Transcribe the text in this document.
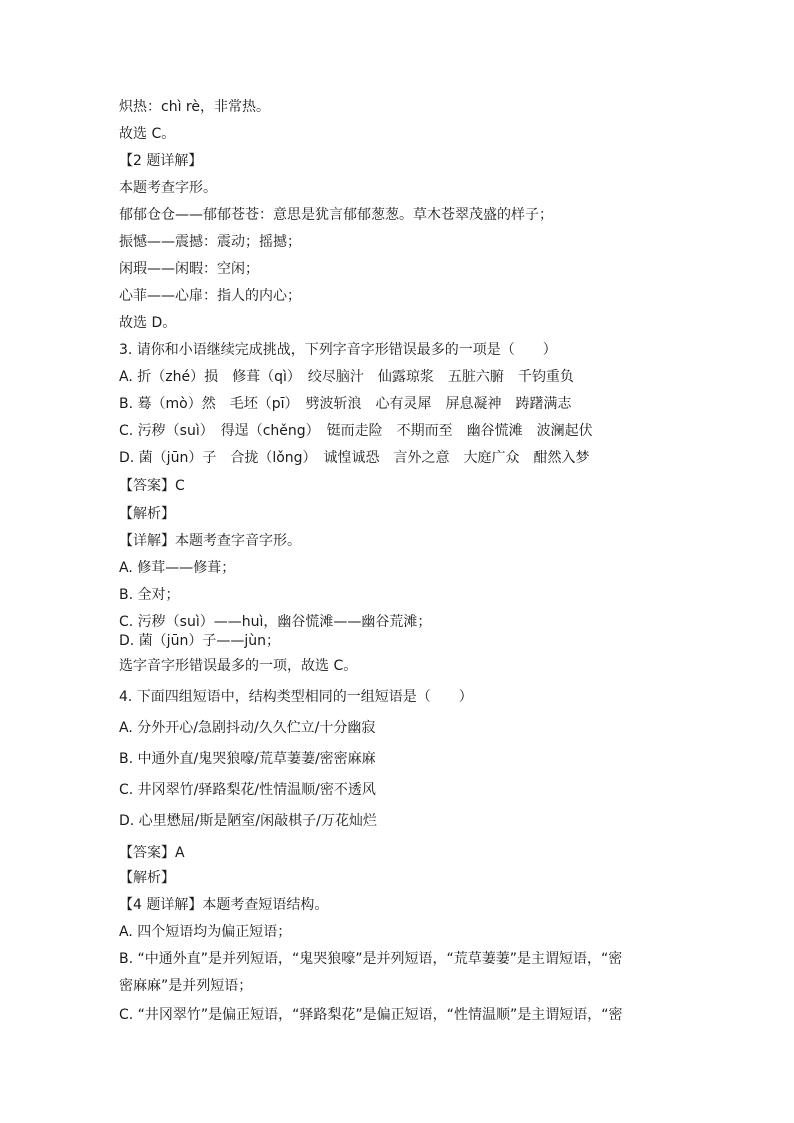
炽热：chì rè，非常热。
故选 C。
【2 题详解】
本题考查字形。
郁郁仓仓——郁郁苍苍：意思是犹言郁郁葱葱。草木苍翠茂盛的样子；
振憾——震撼：震动；摇撼；
闲瑕——闲暇：空闲；
心菲——心扉：指人的内心；
故选 D。
3. 请你和小语继续完成挑战，下列字音字形错误最多的一项是（　　）
A. 折（zhé）损　修葺（qì）　绞尽脑汁　仙露琼浆　五脏六腑　千钧重负
B. 蓦（mò）然　毛坯（pī）　劈波斩浪　心有灵犀　屏息凝神　踌躇满志
C. 污秽（suì）　得逞（chěng）　铤而走险　不期而至　幽谷慌滩　波澜起伏
D. 菌（jūn）子　合拢（lǒng）　诚惶诚恐　言外之意　大庭广众　酣然入梦
【答案】C
【解析】
【详解】本题考查字音字形。
A. 修茸——修葺；
B. 全对；
C. 污秽（suì）——huì，幽谷慌滩——幽谷荒滩；
D. 菌（jūn）子——jùn；
选字音字形错误最多的一项，故选 C。
4. 下面四组短语中，结构类型相同的一组短语是（　　）
A. 分外开心/急剧抖动/久久伫立/十分幽寂
B. 中通外直/鬼哭狼嚎/荒草萋萋/密密麻麻
C. 井冈翠竹/驿路梨花/性情温顺/密不透风
D. 心里懋屈/斯是陋室/闲敲棋子/万花灿烂
【答案】A
【解析】
【4 题详解】本题考查短语结构。
A. 四个短语均为偏正短语；
B. “中通外直”是并列短语，“鬼哭狼嚎”是并列短语，“荒草萋萋”是主谓短语，“密
密麻麻”是并列短语；
C. “井冈翠竹”是偏正短语，“驿路梨花”是偏正短语，“性情温顺”是主谓短语，“密
